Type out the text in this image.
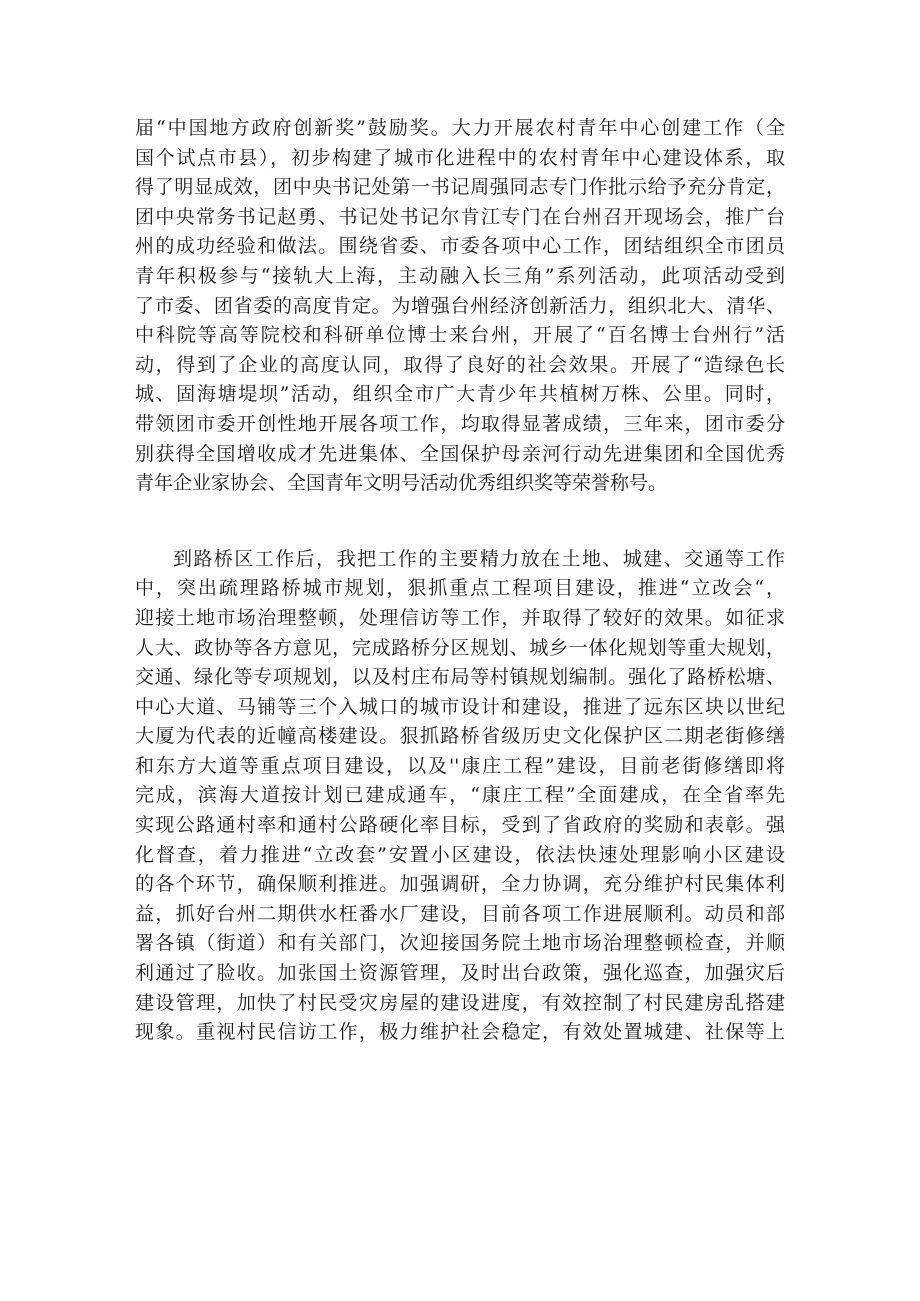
届“中国地方政府创新奖”鼓励奖。大力开展农村青年中心创建工作（全
国个试点市县），初步构建了城市化进程中的农村青年中心建设体系，取
得了明显成效，团中央书记处第一书记周强同志专门作批示给予充分肯定，
团中央常务书记赵勇、书记处书记尔肯江专门在台州召开现场会，推广台
州的成功经验和做法。围绕省委、市委各项中心工作，团结组织全市团员
青年积极参与“接轨大上海，主动融入长三角”系列活动，此项活动受到
了市委、团省委的高度肯定。为增强台州经济创新活力，组织北大、清华、
中科院等高等院校和科研单位博士来台州，开展了“百名博士台州行”活
动，得到了企业的高度认同，取得了良好的社会效果。开展了“造绿色长
城、固海塘堤坝”活动，组织全市广大青少年共植树万株、公里。同时，
带领团市委开创性地开展各项工作，均取得显著成绩，三年来，团市委分
别获得全国增收成才先进集体、全国保护母亲河行动先进集团和全国优秀
青年企业家协会、全国青年文明号活动优秀组织奖等荣誉称号。
到路桥区工作后，我把工作的主要精力放在土地、城建、交通等工作
中，突出疏理路桥城市规划，狠抓重点工程项目建设，推进“立改会“，
迎接土地市场治理整顿，处理信访等工作，并取得了较好的效果。如征求
人大、政协等各方意见，完成路桥分区规划、城乡一体化规划等重大规划，
交通、绿化等专项规划，以及村庄布局等村镇规划编制。强化了路桥松塘、
中心大道、马铺等三个入城口的城市设计和建设，推进了远东区块以世纪
大厦为代表的近幢高楼建设。狠抓路桥省级历史文化保护区二期老街修缮
和东方大道等重点项目建设，以及''康庄工程”建设，目前老街修缮即将
完成，滨海大道按计划已建成通车，“康庄工程”全面建成，在全省率先
实现公路通村率和通村公路硬化率目标，受到了省政府的奖励和表彰。强
化督查，着力推进“立改套”安置小区建设，依法快速处理影响小区建设
的各个环节，确保顺利推进。加强调研，全力协调，充分维护村民集体利
益，抓好台州二期供水枉番水厂建设，目前各项工作进展顺利。动员和部
署各镇（街道）和有关部门，次迎接国务院土地市场治理整顿检查，并顺
利通过了脸收。加张国土资源管理，及时出台政策，强化巡查，加强灾后
建设管理，加快了村民受灾房屋的建设进度，有效控制了村民建房乱搭建
现象。重视村民信访工作，极力维护社会稳定，有效处置城建、社保等上
